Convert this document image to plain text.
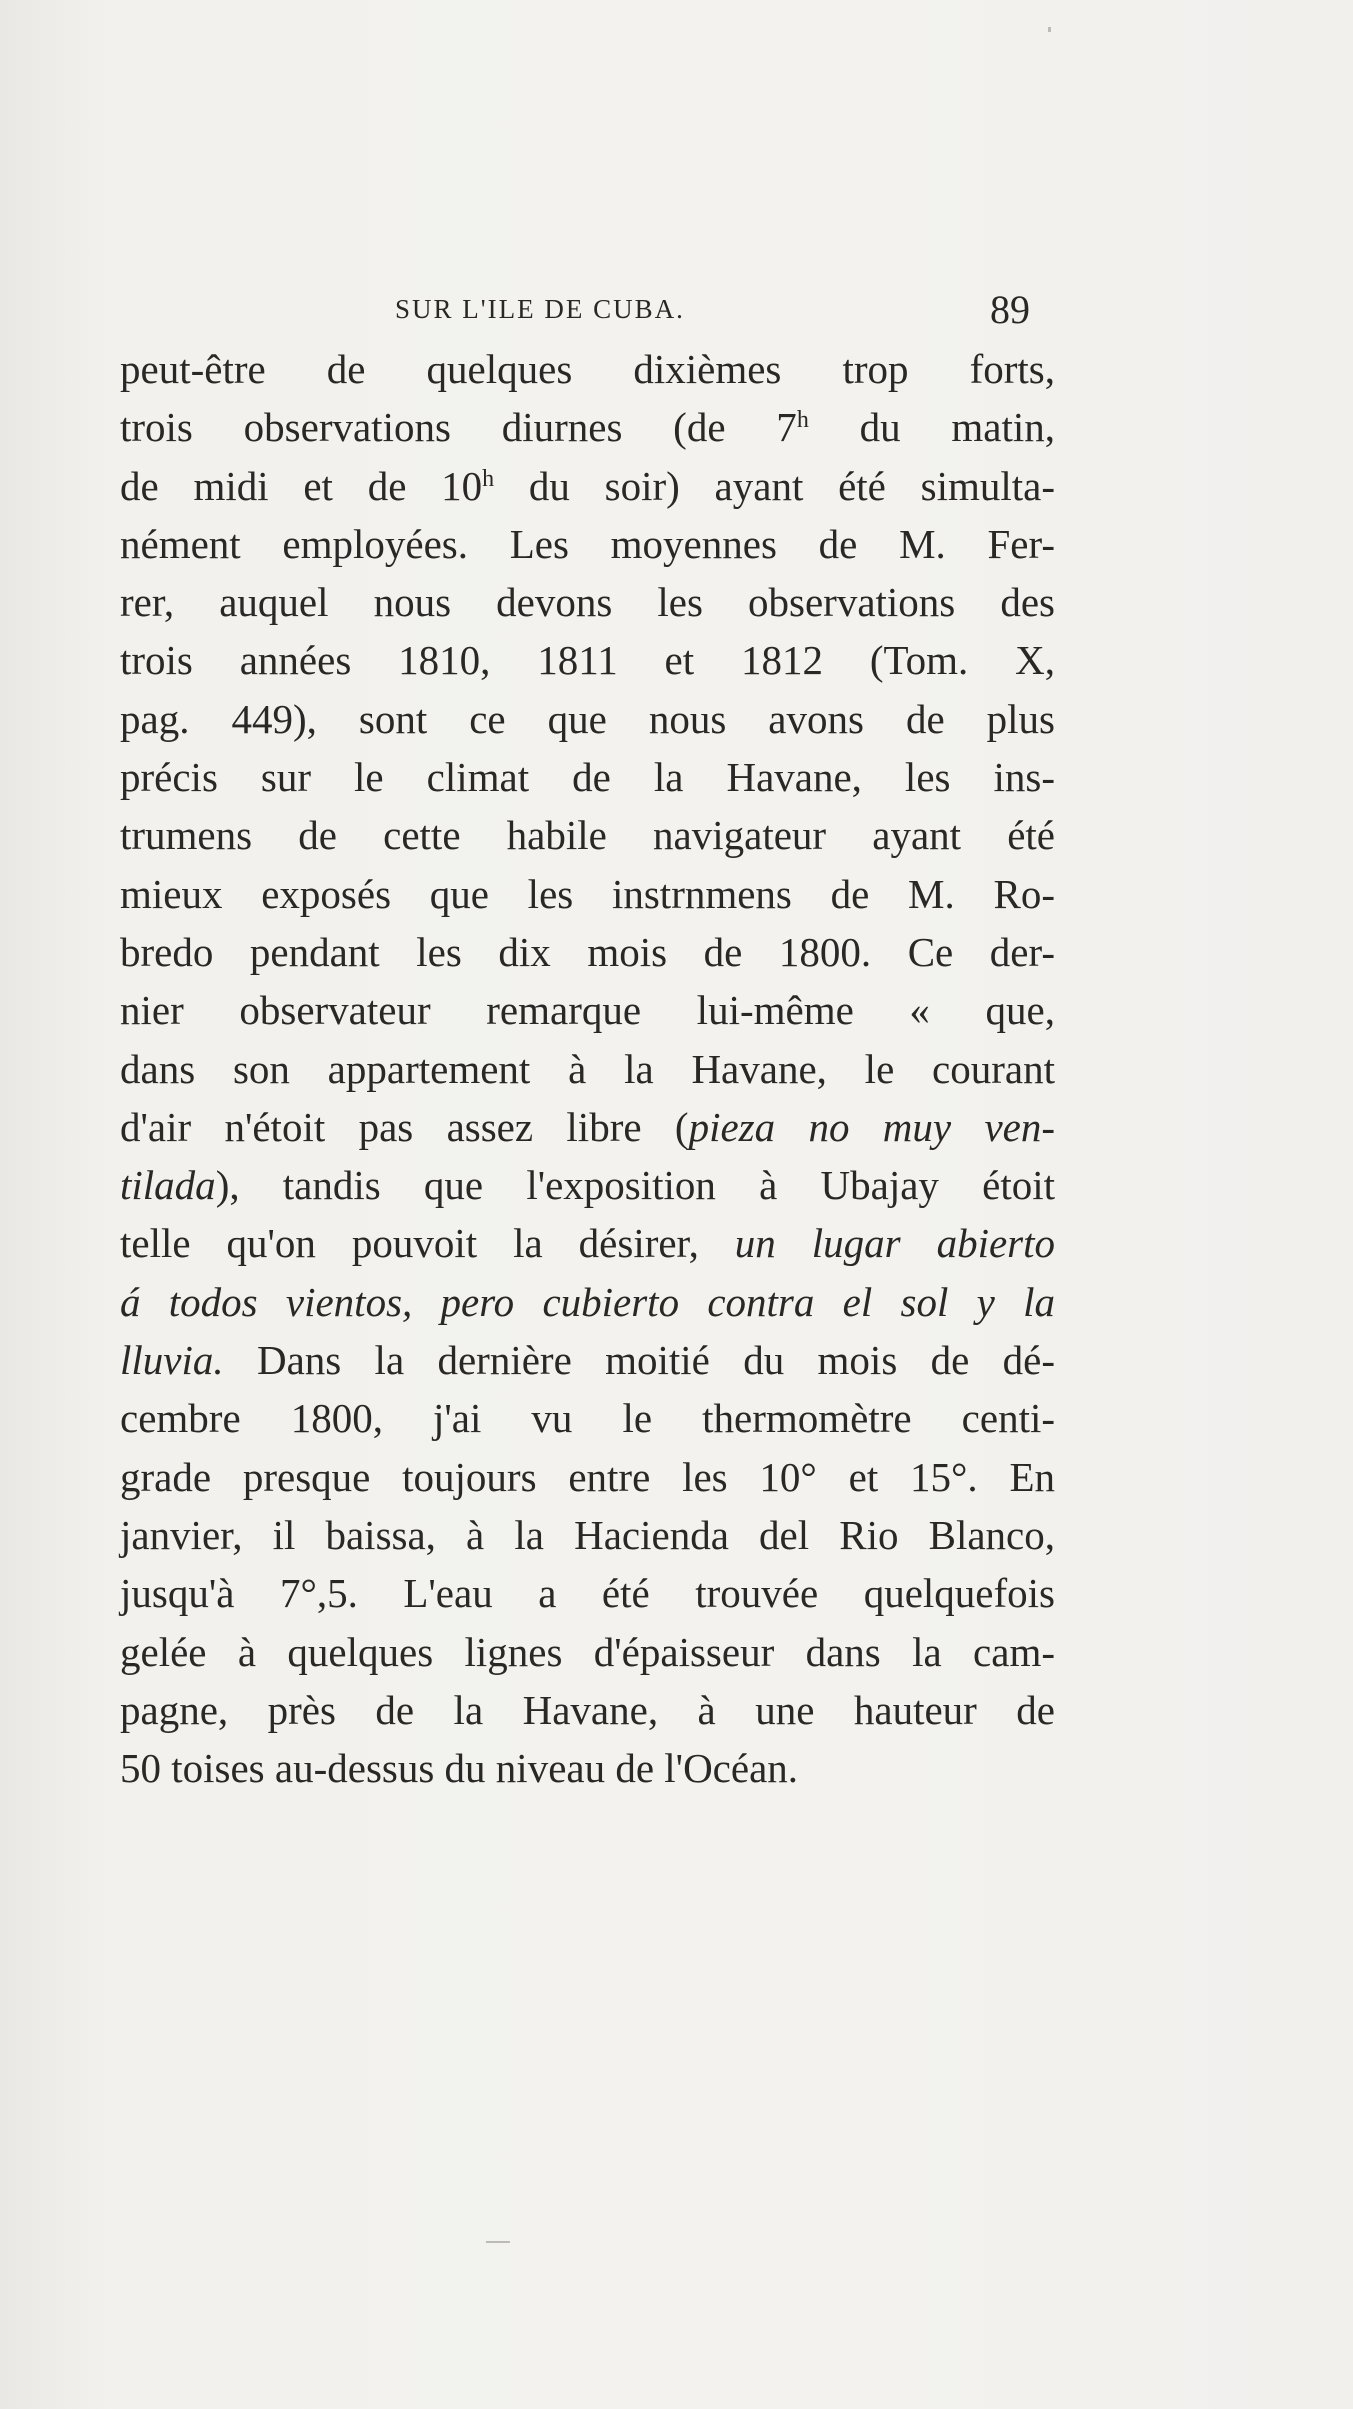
SUR L'ILE DE CUBA.	89
peut-être de quelques dixièmes trop forts,
trois observations diurnes (de 7$^h$ du matin,
de midi et de 10$^h$ du soir) ayant été simulta-
nément employées. Les moyennes de M. Fer-
rer, auquel nous devons les observations des
trois années 1810, 1811 et 1812 (Tom. X,
pag. 449), sont ce que nous avons de plus
précis sur le climat de la Havane, les ins-
trumens de cette habile navigateur ayant été
mieux exposés que les instrnmens de M. Ro-
bredo pendant les dix mois de 1800. Ce der-
nier observateur remarque lui-même « que,
dans son appartement à la Havane, le courant
d'air n'étoit pas assez libre (pieza no muy ven-
tilada), tandis que l'exposition à Ubajay étoit
telle qu'on pouvoit la désirer, un lugar abierto
á todos vientos, pero cubierto contra el sol y la
lluvia. Dans la dernière moitié du mois de dé-
cembre 1800, j'ai vu le thermomètre centi-
grade presque toujours entre les 10° et 15°. En
janvier, il baissa, à la Hacienda del Rio Blanco,
jusqu'à 7°,5. L'eau a été trouvée quelquefois
gelée à quelques lignes d'épaisseur dans la cam-
pagne, près de la Havane, à une hauteur de
50 toises au-dessus du niveau de l'Océan.
